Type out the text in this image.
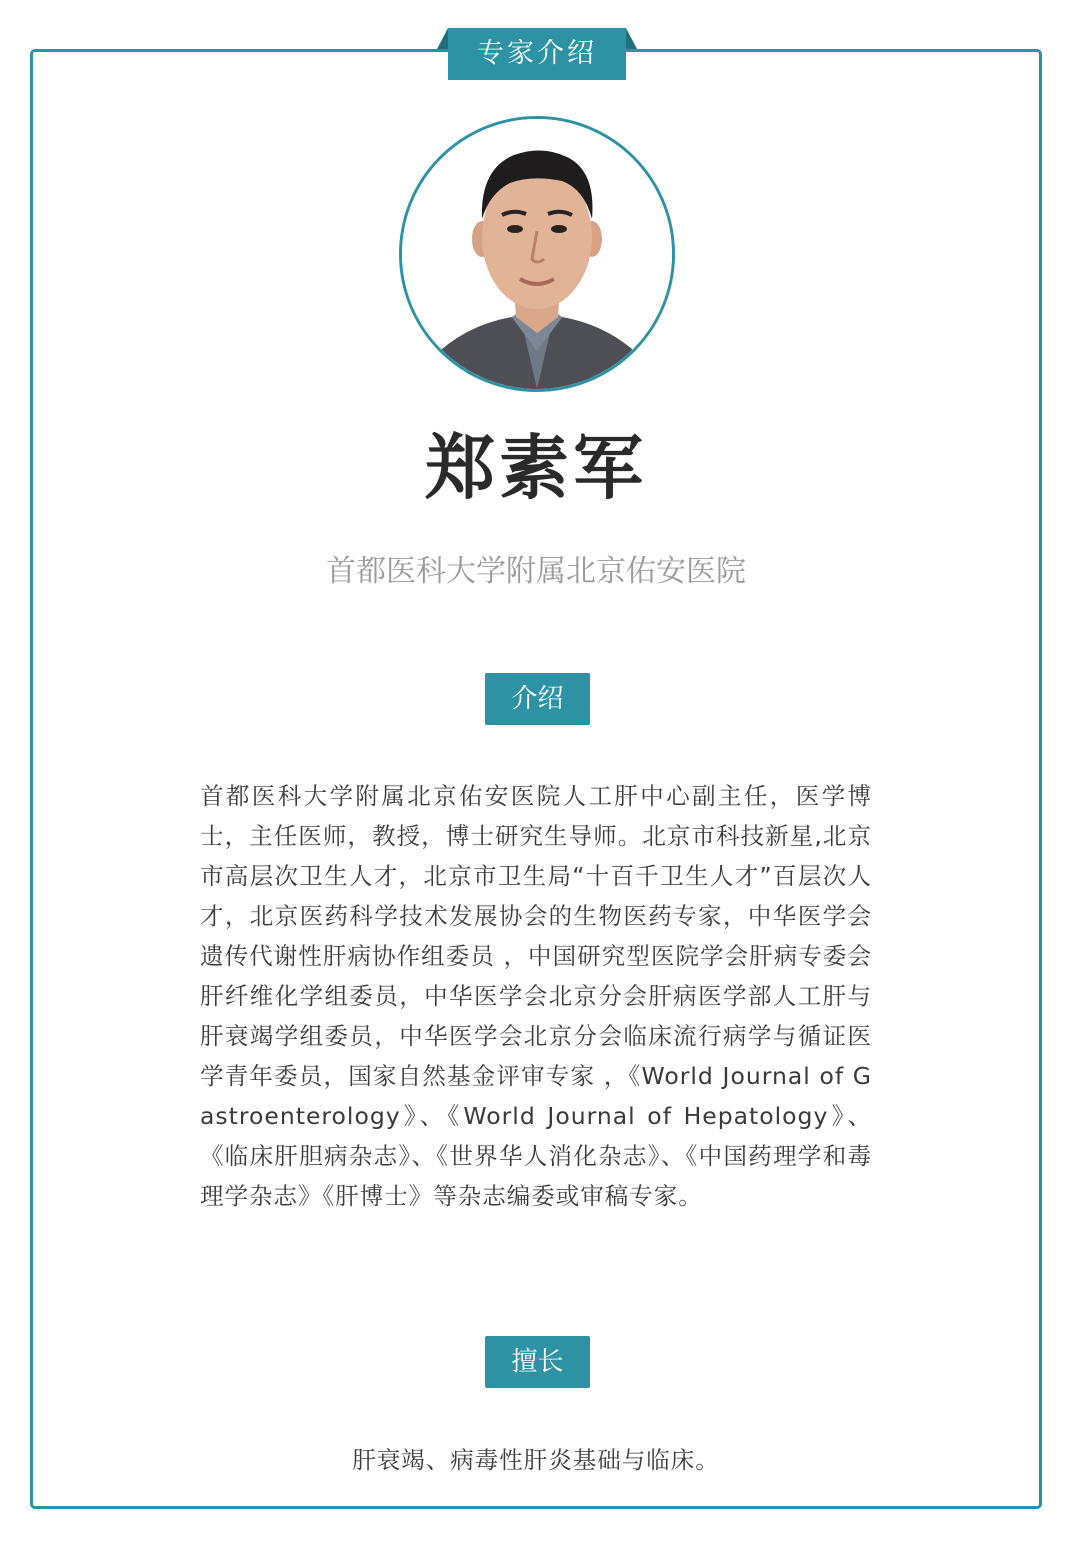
专家介绍
郑素军
首都医科大学附属北京佑安医院
介绍
首都医科大学附属北京佑安医院人工肝中心副主任，医学博士，主任医师，教授，博士研究生导师。北京市科技新星,北京市高层次卫生人才，北京市卫生局“十百千卫生人才”百层次人才，北京医药科学技术发展协会的生物医药专家，中华医学会遗传代谢性肝病协作组委员 ，中国研究型医院学会肝病专委会肝纤维化学组委员，中华医学会北京分会肝病医学部人工肝与肝衰竭学组委员，中华医学会北京分会临床流行病学与循证医学青年委员，国家自然基金评审专家 ，《World Journal of Gastroenterology》、《World Journal of Hepatology》、《临床肝胆病杂志》、《世界华人消化杂志》、《中国药理学和毒理学杂志》《肝博士》等杂志编委或审稿专家。
擅长
肝衰竭、病毒性肝炎基础与临床。
